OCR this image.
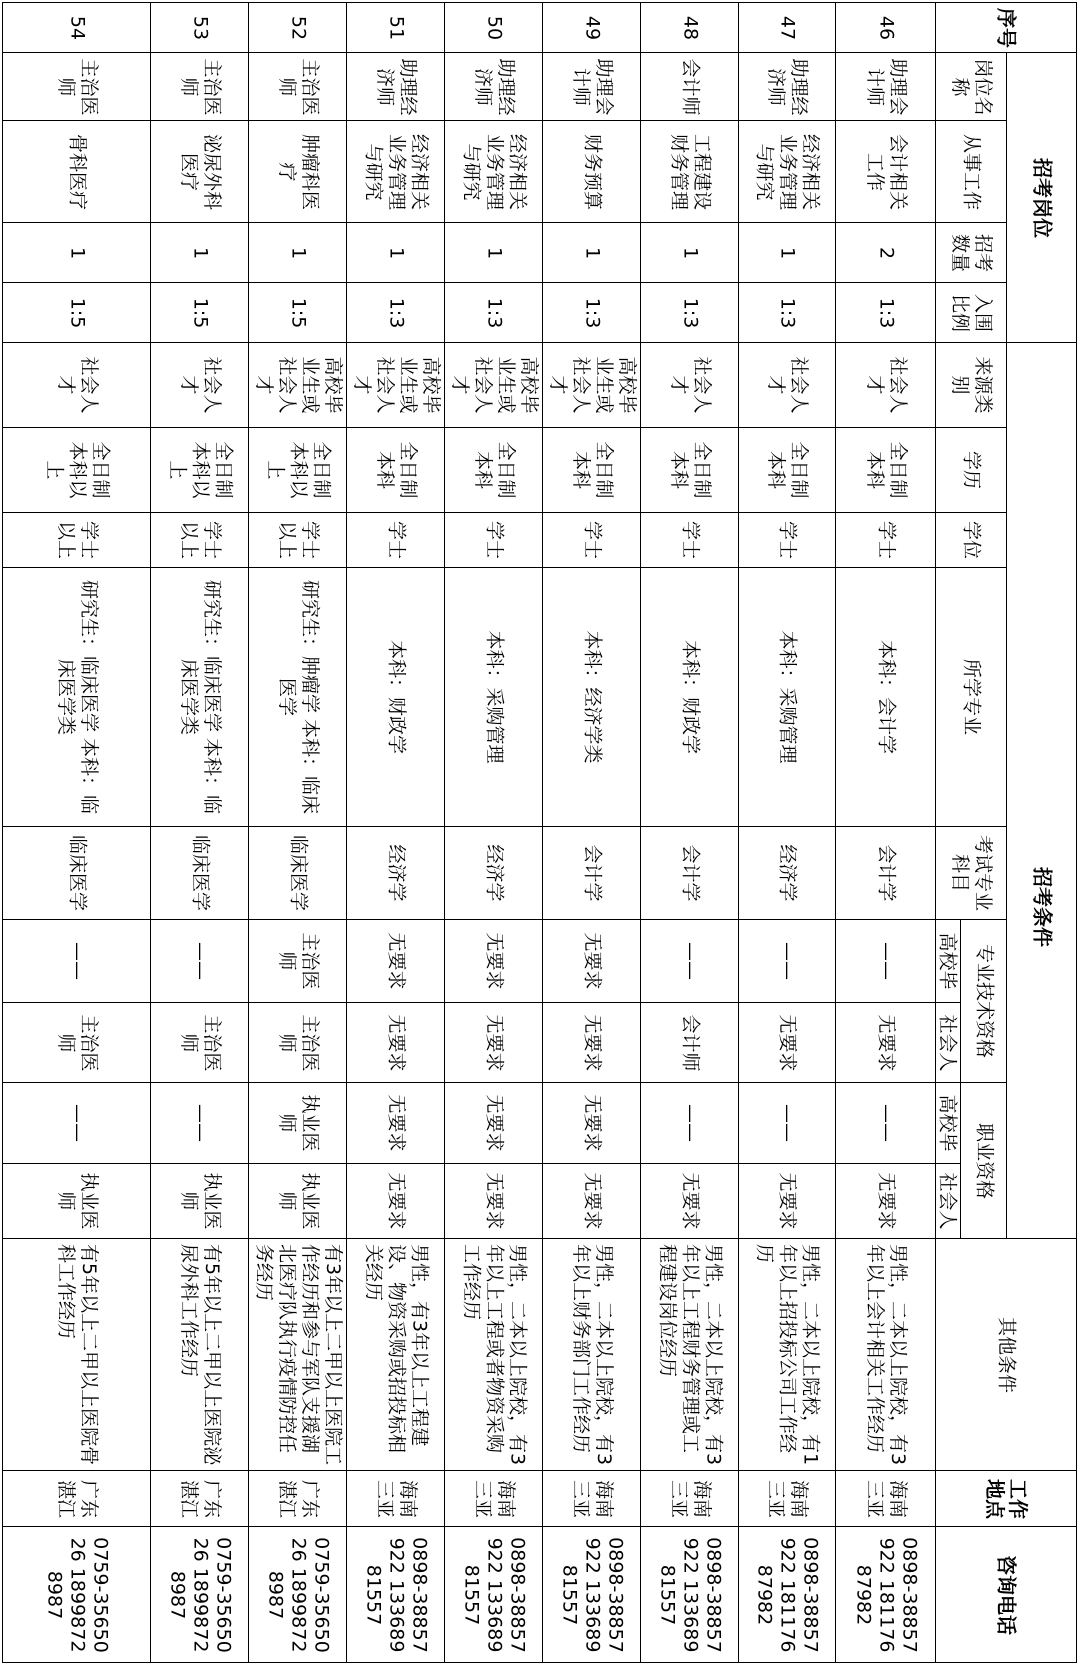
序号
招考岗位
岗位名称
从事工作
招考数量
入围比例
招考条件
来源类别
学历
学位
所学专业
考试专业科目
专业技术资格
高校毕
社会人
职业资格
高校毕
社会人
其他条件
工作地点
咨询电话
46
助理会计师
会计相关工作
2
1:3
社会人才
全日制本科
学士
本科：会计学
会计学
——
无要求
——
无要求
男性，二本以上院校，有3年以上会计相关工作经历
海南三亚
0898-38857922 18117687982
47
助理经济师
经济相关业务管理与研究
1
1:3
社会人才
全日制本科
学士
本科：采购管理
经济学
——
无要求
——
无要求
男性，二本以上院校，有1年以上招投标公司工作经历
海南三亚
0898-38857922 18117687982
48
会计师
工程建设财务管理
1
1:3
社会人才
全日制本科
学士
本科：财政学
会计学
——
会计师
——
无要求
男性，二本以上院校，有3年以上工程财务管理或工程建设岗位经历
海南三亚
0898-38857922 13368981557
49
助理会计师
财务预算
1
1:3
高校毕业生或社会人才
全日制本科
学士
本科：经济学类
会计学
无要求
无要求
无要求
无要求
男性，二本以上院校，有3年以上财务部门工作经历
海南三亚
0898-38857922 13368981557
50
助理经济师
经济相关业务管理与研究
1
1:3
高校毕业生或社会人才
全日制本科
学士
本科：采购管理
经济学
无要求
无要求
无要求
无要求
男性，二本以上院校，有3年以上工程或者物资采购工作经历
海南三亚
0898-38857922 13368981557
51
助理经济师
经济相关业务管理与研究
1
1:3
高校毕业生或社会人才
全日制本科
学士
本科：财政学
经济学
无要求
无要求
无要求
无要求
男性，有3年以上工程建设、物资采购或招投标相关经历
海南三亚
0898-38857922 13368981557
52
主治医师
肿瘤科医疗
1
1:5
高校毕业生或社会人才
全日制本科以上
学士以上
研究生：肿瘤学 本科：临床医学
临床医学
主治医师
主治医师
执业医师
执业医师
有3年以上二甲以上医院工作经历和参与军队支援湖北医疗队执行疫情防控任务经历
广东湛江
0759-3565026 18998728987
53
主治医师
泌尿外科医疗
1
1:5
社会人才
全日制本科以上
学士以上
研究生：临床医学 本科：临床医学类
临床医学
——
主治医师
——
执业医师
有5年以上二甲以上医院泌尿外科工作经历
广东湛江
0759-3565026 18998728987
54
主治医师
骨科医疗
1
1:5
社会人才
全日制本科以上
学士以上
研究生：临床医学 本科：临床医学类
临床医学
——
主治医师
——
执业医师
有5年以上二甲以上医院骨科工作经历
广东湛江
0759-3565026 18998728987
